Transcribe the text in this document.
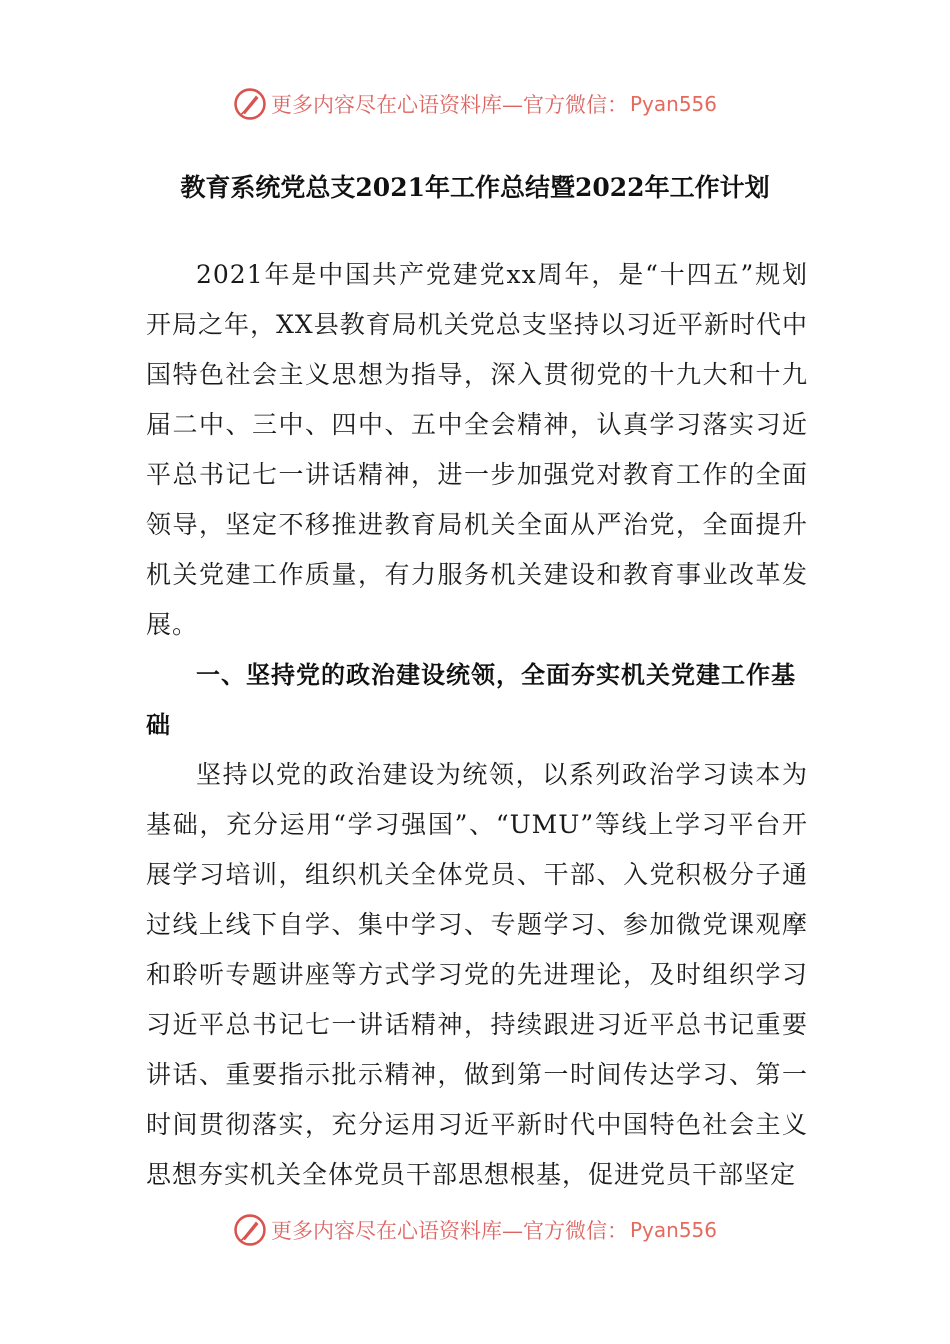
更多内容尽在心语资料库—官方微信： Pyan556
教育系统党总支2021年工作总结暨2022年工作计划

2021年是中国共产党建党xx周年，是“十四五”规划开局之年，XX县教育局机关党总支坚持以习近平新时代中国特色社会主义思想为指导，深入贯彻党的十九大和十九届二中、三中、四中、五中全会精神，认真学习落实习近平总书记七一讲话精神，进一步加强党对教育工作的全面领导，坚定不移推进教育局机关全面从严治党，全面提升机关党建工作质量，有力服务机关建设和教育事业改革发展。

一、坚持党的政治建设统领，全面夯实机关党建工作基础

坚持以党的政治建设为统领，以系列政治学习读本为基础，充分运用“学习强国”、“UMU”等线上学习平台开展学习培训，组织机关全体党员、干部、入党积极分子通过线上线下自学、集中学习、专题学习、参加微党课观摩和聆听专题讲座等方式学习党的先进理论，及时组织学习习近平总书记七一讲话精神，持续跟进习近平总书记重要讲话、重要指示批示精神，做到第一时间传达学习、第一时间贯彻落实，充分运用习近平新时代中国特色社会主义思想夯实机关全体党员干部思想根基，促进党员干部坚定

更多内容尽在心语资料库—官方微信： Pyan556
